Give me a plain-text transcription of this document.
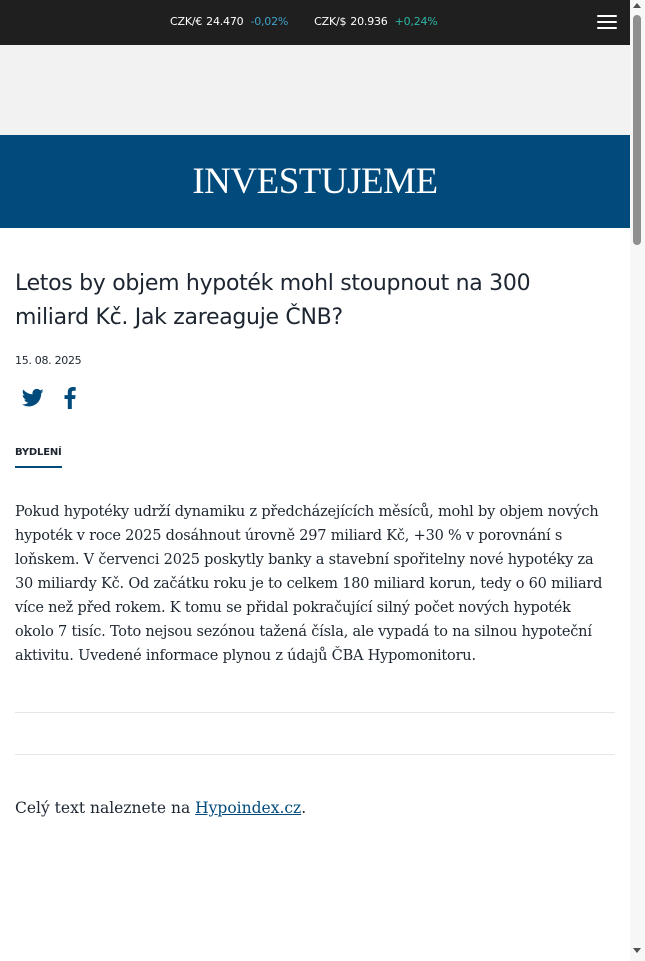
CZK/€ 24.470 -0,02% CZK/$ 20.936 +0,24%
INVESTUJEME
Letos by objem hypoték mohl stoupnout na 300 miliard Kč. Jak zareaguje ČNB?
15. 08. 2025
BYDLENÍ

Pokud hypotéky udrží dynamiku z předcházejících měsíců, mohl by objem nových hypoték v roce 2025 dosáhnout úrovně 297 miliard Kč, +30 % v porovnání s loňskem. V červenci 2025 poskytly banky a stavební spořitelny nové hypotéky za 30 miliardy Kč. Od začátku roku je to celkem 180 miliard korun, tedy o 60 miliard více než před rokem. K tomu se přidal pokračující silný počet nových hypoték okolo 7 tisíc. Toto nejsou sezónou tažená čísla, ale vypadá to na silnou hypoteční aktivitu. Uvedené informace plynou z údajů ČBA Hypomonitoru.

Celý text naleznete na Hypoindex.cz.
